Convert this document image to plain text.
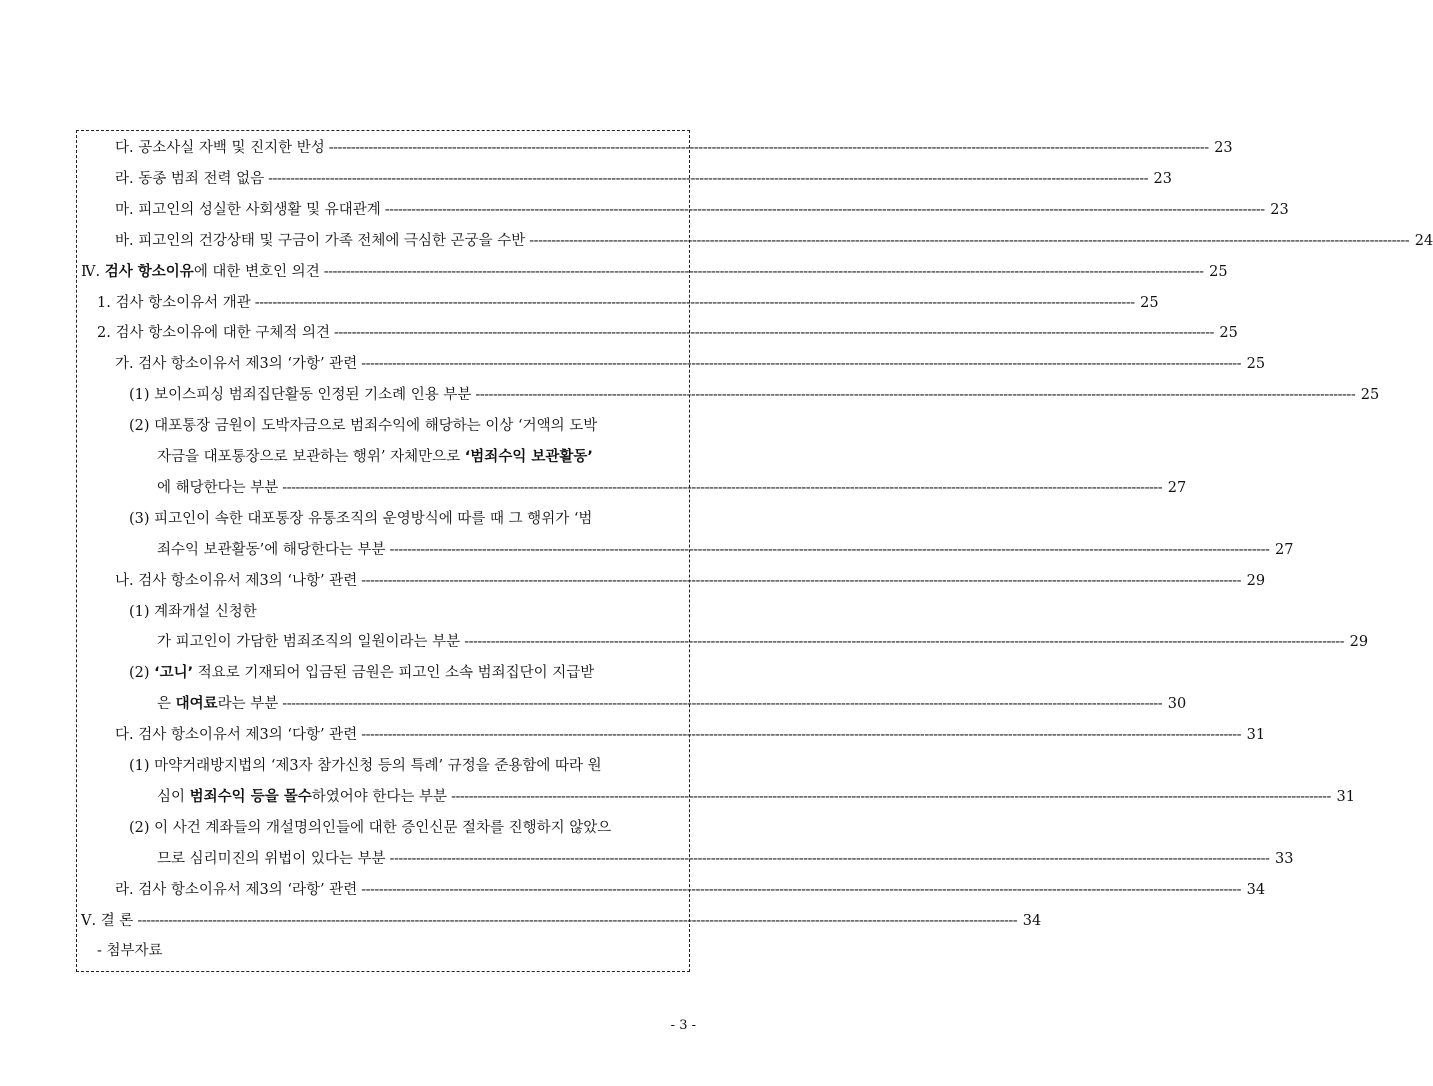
다. 공소사실 자백 및 진지한 반성 -------------------------------------------------------------------------------------------------------------------------------------------------------------------------------------------------------- 23
라. 동종 범죄 전력 없음 -------------------------------------------------------------------------------------------------------------------------------------------------------------------------------------------------------- 23
마. 피고인의 성실한 사회생활 및 유대관계 -------------------------------------------------------------------------------------------------------------------------------------------------------------------------------------------------------- 23
바. 피고인의 건강상태 및 구금이 가족 전체에 극심한 곤궁을 수반 -------------------------------------------------------------------------------------------------------------------------------------------------------------------------------------------------------- 24
Ⅳ. 검사 항소이유에 대한 변호인 의견 -------------------------------------------------------------------------------------------------------------------------------------------------------------------------------------------------------- 25
1. 검사 항소이유서 개관 -------------------------------------------------------------------------------------------------------------------------------------------------------------------------------------------------------- 25
2. 검사 항소이유에 대한 구체적 의견 -------------------------------------------------------------------------------------------------------------------------------------------------------------------------------------------------------- 25
가. 검사 항소이유서 제3의 ‘가항’ 관련 -------------------------------------------------------------------------------------------------------------------------------------------------------------------------------------------------------- 25
(1) 보이스피싱 범죄집단활동 인정된 기소례 인용 부분 -------------------------------------------------------------------------------------------------------------------------------------------------------------------------------------------------------- 25
(2) 대포통장 금원이 도박자금으로 범죄수익에 해당하는 이상 ‘거액의 도박
자금을 대포통장으로 보관하는 행위’ 자체만으로 ‘범죄수익 보관활동’
에 해당한다는 부분 -------------------------------------------------------------------------------------------------------------------------------------------------------------------------------------------------------- 27
(3) 피고인이 속한 대포통장 유통조직의 운영방식에 따를 때 그 행위가 ‘범
죄수익 보관활동’에 해당한다는 부분 -------------------------------------------------------------------------------------------------------------------------------------------------------------------------------------------------------- 27
나. 검사 항소이유서 제3의 ‘나항’ 관련 -------------------------------------------------------------------------------------------------------------------------------------------------------------------------------------------------------- 29
(1) 계좌개설 신청한
가 피고인이 가담한 범죄조직의 일원이라는 부분 -------------------------------------------------------------------------------------------------------------------------------------------------------------------------------------------------------- 29
(2) ‘고니’ 적요로 기재되어 입금된 금원은 피고인 소속 범죄집단이 지급받
은 대여료라는 부분 -------------------------------------------------------------------------------------------------------------------------------------------------------------------------------------------------------- 30
다. 검사 항소이유서 제3의 ‘다항’ 관련 -------------------------------------------------------------------------------------------------------------------------------------------------------------------------------------------------------- 31
(1) 마약거래방지법의 ‘제3자 참가신청 등의 특례’ 규정을 준용함에 따라 원
심이 범죄수익 등을 몰수하였어야 한다는 부분 -------------------------------------------------------------------------------------------------------------------------------------------------------------------------------------------------------- 31
(2) 이 사건 계좌들의 개설명의인들에 대한 증인신문 절차를 진행하지 않았으
므로 심리미진의 위법이 있다는 부분 -------------------------------------------------------------------------------------------------------------------------------------------------------------------------------------------------------- 33
라. 검사 항소이유서 제3의 ‘라항’ 관련 -------------------------------------------------------------------------------------------------------------------------------------------------------------------------------------------------------- 34
Ⅴ. 결 론 -------------------------------------------------------------------------------------------------------------------------------------------------------------------------------------------------------- 34
- 첨부자료
- 3 -
